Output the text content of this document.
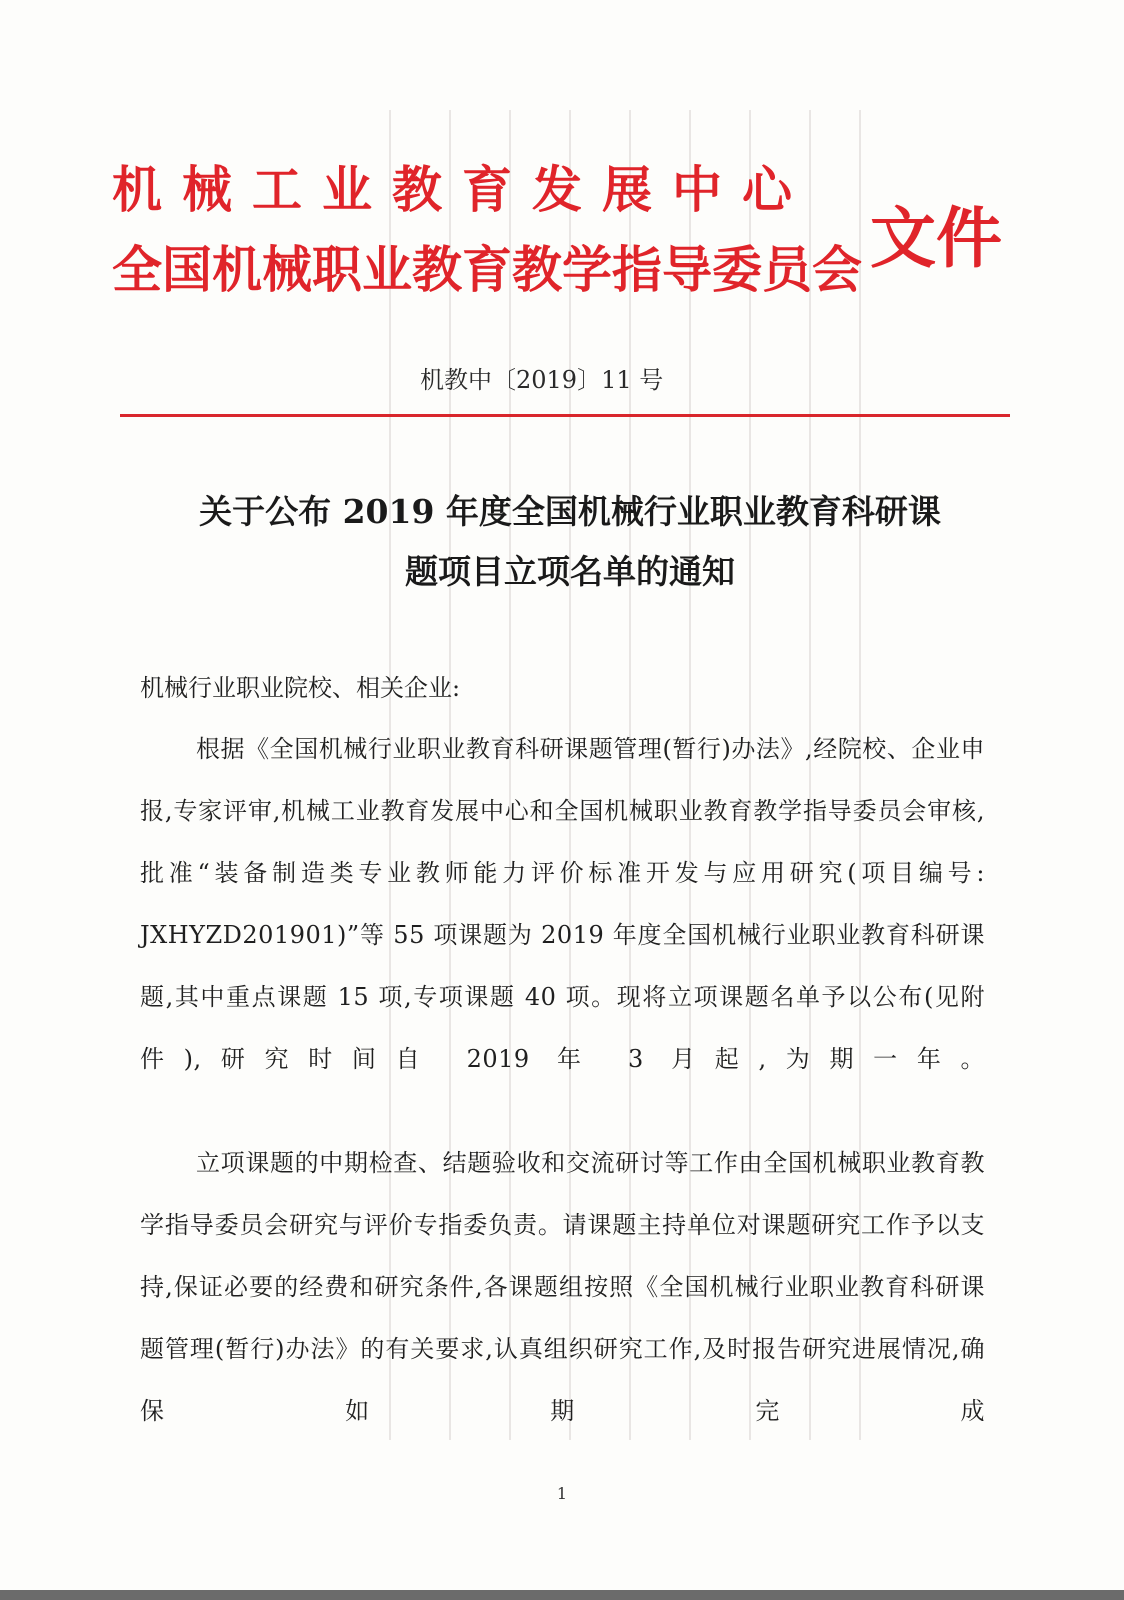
机械工业教育发展中心
全国机械职业教育教学指导委员会 文件
机教中〔2019〕11 号
关于公布 2019 年度全国机械行业职业教育科研课
题项目立项名单的通知
机械行业职业院校、相关企业:
根据《全国机械行业职业教育科研课题管理(暂行)办法》,经院校、企业申报,专家评审,机械工业教育发展中心和全国机械职业教育教学指导委员会审核,批准“装备制造类专业教师能力评价标准开发与应用研究(项目编号: JXHYZD201901)”等 55 项课题为 2019 年度全国机械行业职业教育科研课题,其中重点课题 15 项,专项课题 40 项。现将立项课题名单予以公布(见附件),研究时间自 2019 年 3 月起,为期一年。
立项课题的中期检查、结题验收和交流研讨等工作由全国机械职业教育教学指导委员会研究与评价专指委负责。请课题主持单位对课题研究工作予以支持,保证必要的经费和研究条件,各课题组按照《全国机械行业职业教育科研课题管理(暂行)办法》的有关要求,认真组织研究工作,及时报告研究进展情况,确保如期完成
1
